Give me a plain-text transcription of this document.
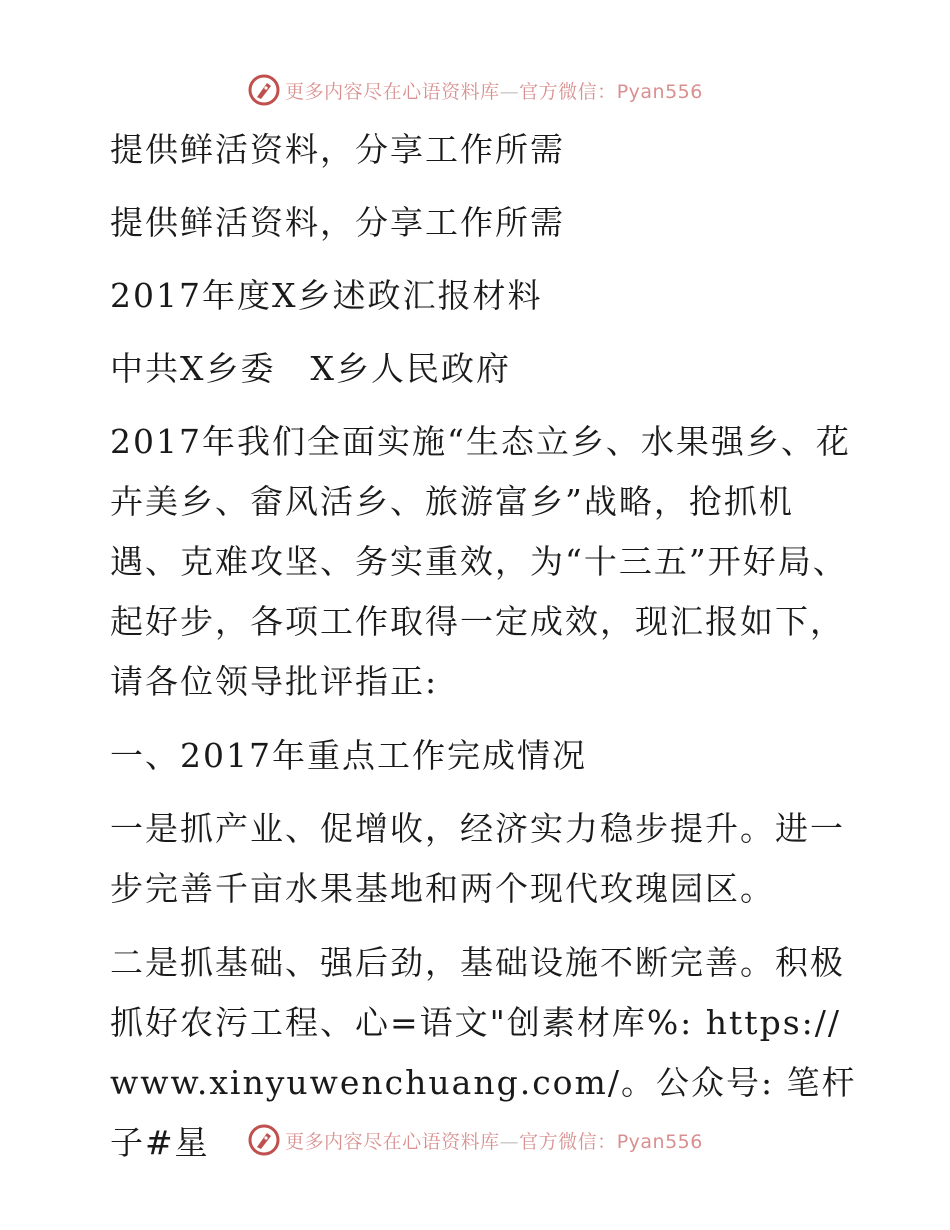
更多内容尽在心语资料库—官方微信：Pyan556

提供鲜活资料，分享工作所需

提供鲜活资料，分享工作所需

2017年度X乡述政汇报材料

中共X乡委　X乡人民政府

2017年我们全面实施“生态立乡、水果强乡、花卉美乡、畲风活乡、旅游富乡”战略，抢抓机遇、克难攻坚、务实重效，为“十三五”开好局、起好步，各项工作取得一定成效，现汇报如下，请各位领导批评指正:

一、2017年重点工作完成情况

一是抓产业、促增收，经济实力稳步提升。进一步完善千亩水果基地和两个现代玫瑰园区。

二是抓基础、强后劲，基础设施不断完善。积极抓好农污工程、心=语文"创素材库%: https://www.xinyuwenchuang.com/。公众号: 笔杆子#星	更多内容尽在心语资料库—官方微信：Pyan556
